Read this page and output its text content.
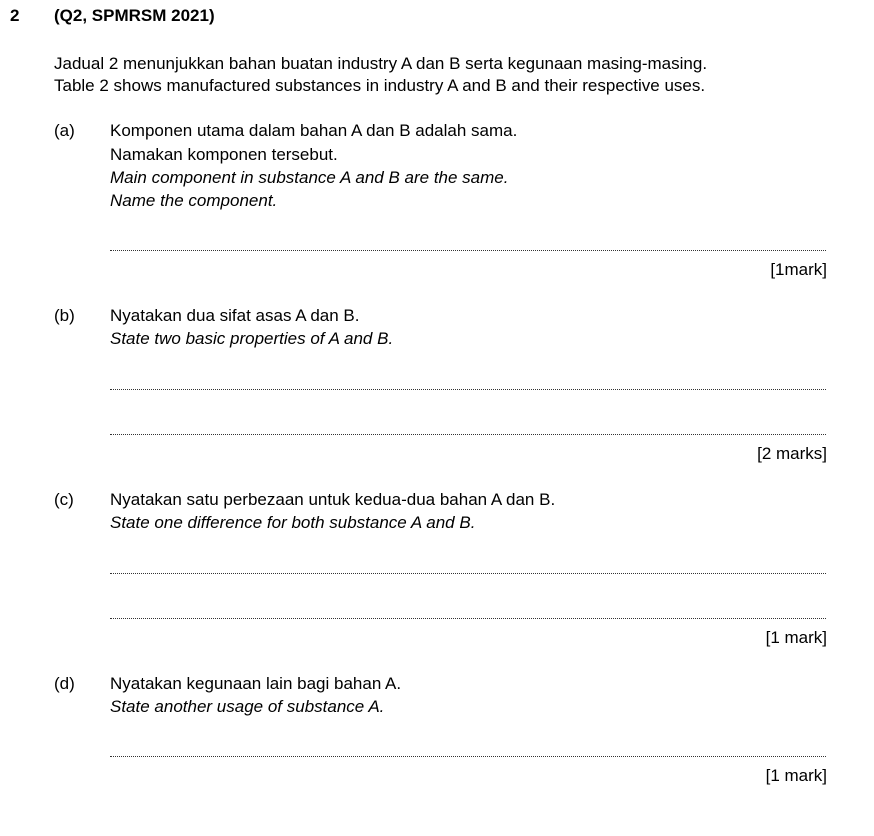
2 (Q2, SPMRSM 2021)
Jadual 2 menunjukkan bahan buatan industry A dan B serta kegunaan masing-masing.
Table 2 shows manufactured substances in industry A and B and their respective uses.
(a) Komponen utama dalam bahan A dan B adalah sama.
Namakan komponen tersebut.
Main component in substance A and B are the same.
Name the component.
[1mark]
(b) Nyatakan dua sifat asas A dan B.
State two basic properties of A and B.
[2 marks]
(c) Nyatakan satu perbezaan untuk kedua-dua bahan A dan B.
State one difference for both substance A and B.
[1 mark]
(d) Nyatakan kegunaan lain bagi bahan A.
State another usage of substance A.
[1 mark]
